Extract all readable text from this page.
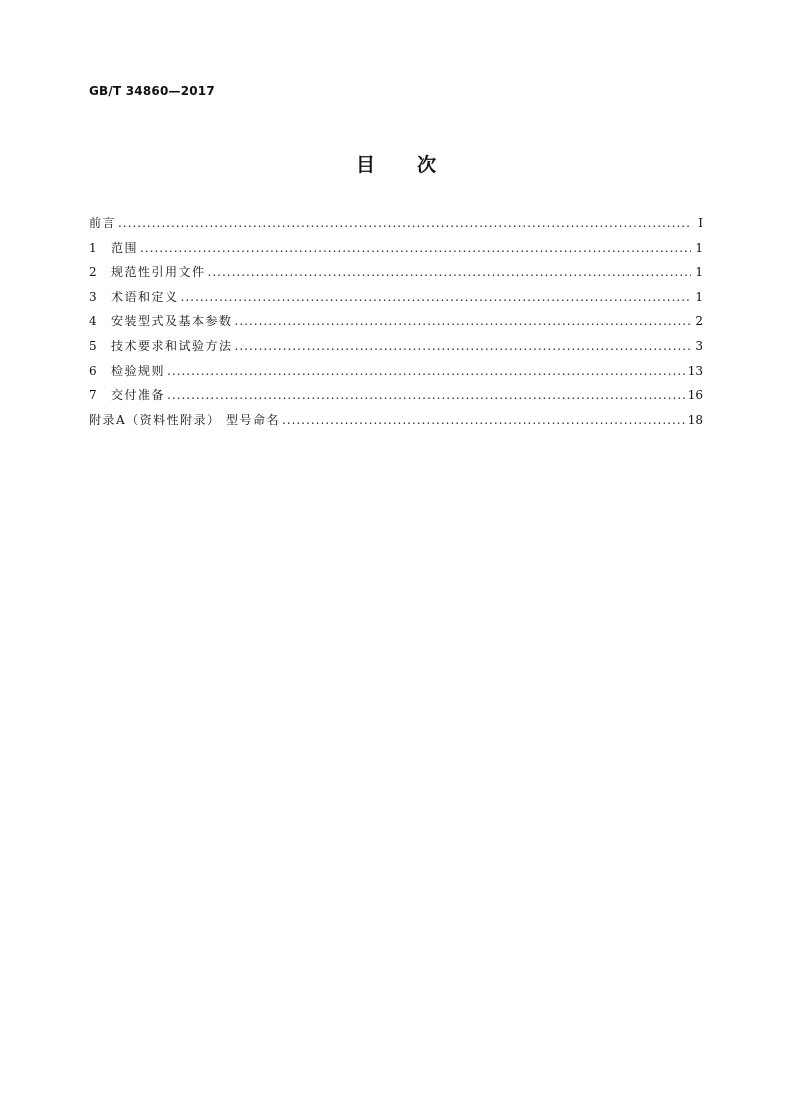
GB/T 34860—2017
目次
前言 .....	I
1	范围 .....	1
2	规范性引用文件 .....	1
3	术语和定义 .....	1
4	安装型式及基本参数 .....	2
5	技术要求和试验方法 .....	3
6	检验规则 .....	13
7	交付准备 .....	16
附录A（资料性附录） 型号命名 .....	18
